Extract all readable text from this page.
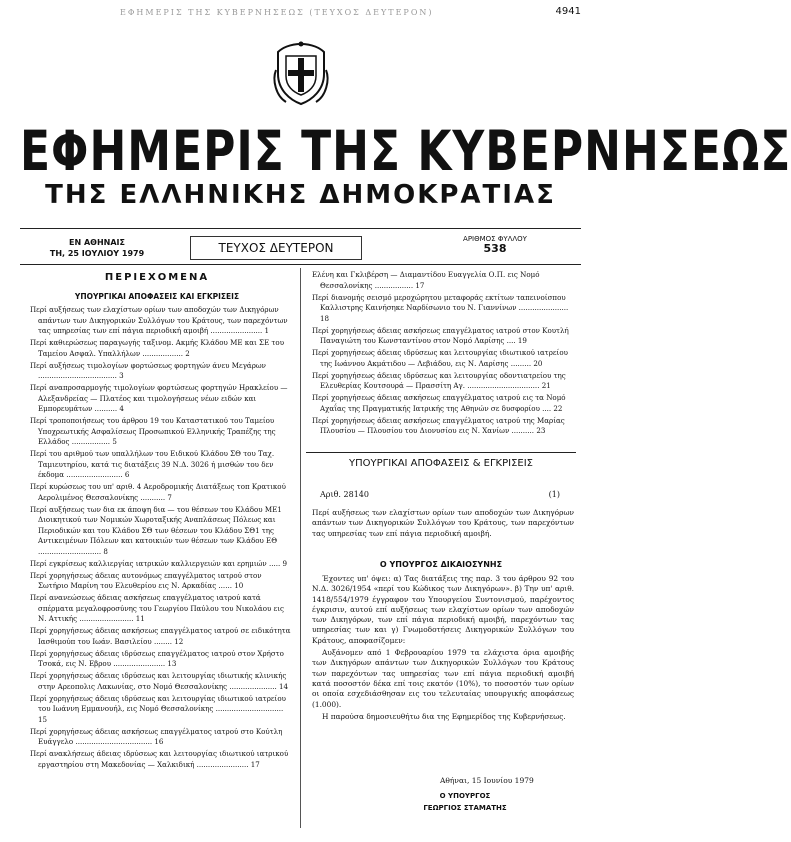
ΕΦΗΜΕΡΙΣ ΤΗΣ ΚΥΒΕΡΝΗΣΕΩΣ (ΤΕΥΧΟΣ ΔΕΥΤΕΡΟΝ)	4941
ΕΦΗΜΕΡΙΣ ΤΗΣ ΚΥΒΕΡΝΗΣΕΩΣ
ΤΗΣ ΕΛΛΗΝΙΚΗΣ ΔΗΜΟΚΡΑΤΙΑΣ
ΕΝ ΑΘΗΝΑΙΣ
ΤΗ, 25 ΙΟΥΛΙΟΥ 1979	ΤΕΥΧΟΣ ΔΕΥΤΕΡΟΝ
ΑΡΙΘΜΟΣ ΦΥΛΛΟΥ
538
ΠΕΡΙΕΧΟΜΕΝΑ
ΥΠΟΥΡΓΙΚΑΙ ΑΠΟΦΑΣΕΙΣ ΚΑΙ ΕΓΚΡΙΣΕΙΣ

Περί αυξήσεως των ελαχίστων ορίων των αποδοχών των Δικηγόρων απάντων των Δικηγορικών Συλλόγων του Κράτους, των παρεχόντων τας υπηρεσίας των επί πάγια περιοδική αμοιβή ....................... 1

Περί καθιερώσεως παραγωγής ταξινομ. Ακμής Κλάδου ΜΕ και ΣΕ του Ταμείου Ασφαλ. Υπαλλήλων .................. 2

Περί αυξήσεως τιμολογίων φορτώσεως φορτηγών άνευ Μεγάρων ................................... 3

Περί αναπροσαρμογής τιμολογίων φορτώσεως φορτηγών Ηρακλείου — Αλεξανδρείας — Πλατέος και τιμολογήσεως νέων ειδών και Εμπορευμάτων .......... 4

Περί τροποποιήσεως του άρθρου 19 του Καταστατικού του Ταμείου Υποχρεωτικής Ασφαλίσεως Προσωπικού Ελληνικής Τραπέζης της Ελλάδος ................. 5

Περί του αριθμού των υπαλλήλων του Ειδικού Κλάδου ΣΘ του Ταχ. Ταμιευτηρίου, κατά τις διατάξεις 39 Ν.Δ. 3026 ή μισθών του δεν έκδομα ......................... 6

Περί κυρώσεως του υπ' αριθ. 4 Αεροδρομικής Διατάξεως τοπ Κρατικού Αερολιμένος Θεσσαλονίκης ........... 7

Περί αυξήσεως των δια εκ άποψη δια — του θέσεων του Κλάδου ΜΕ1 Διοικητικού των Νομικών Χωροταξικής Αναπλάσεως Πόλεως και Περιοδικών και του Κλάδου ΣΘ των θέσεων του Κλάδου ΣΘ1 της Αντικειμένων Πόλεων και κατοικιών των θέσεων των Κλάδου ΕΘ ............................ 8

Περί εγκρίσεως καλλιεργίας ιατρικών καλλιεργειών και ερημιών ..... 9

Περί χορηγήσεως άδειας αυτονόμως επαγγέλματος ιατρού στον Σωτήριο Μαρίνη του Ελευθερίου εις Ν. Αρκαδίας ...... 10

Περί ανανεώσεως άδειας ασκήσεως επαγγέλματος ιατρού κατά σπέρματα μεγαλοφροσύνης του Γεωργίου Παύλου του Νικολάου εις Ν. Αττικής ........................ 11

Περί χορηγήσεως άδειας ασκήσεως επαγγέλματος ιατρού σε ειδικότητα Ιασθιμούπ του Ιωάν. Βασιλείου ........ 12

Περί χορηγήσεως άδειας ιδρύσεως επαγγέλματος ιατρού στον Χρήστο Τσοκά, εις Ν. Εβρου ....................... 13

Περί χορηγήσεως άδειας ιδρύσεως και λειτουργίας ιδιωτικής κλινικής στην Αρεοπολις Λακωνίας, στο Νομό Θεσσαλονίκης ..................... 14

Περί χορηγήσεως άδειας ιδρύσεως και λειτουργίας ιδιωτικού ιατρείου του Ιωάννη Εμμανουήλ, εις Νομό Θεσσαλονίκης .............................. 15

Περί χορηγήσεως άδειας ασκήσεως επαγγέλματος ιατρού στο Κούτλη Ευάγγελο .................................. 16

Περί ανακλήσεως άδειας ιδρύσεως και λειτουργίας ιδιωτικού ιατρικού εργαστηρίου στη Μακεδονίας — Χαλκιδική ....................... 17

Ελένη και Γκλιβέρση — Διαμαντίδου Ευαγγελία Ο.Π. εις Νομό Θεσσαλονίκης ................. 17

Περί διανομής σεισμό μεροχώρητου μεταφοράς εκτίτων ταπεινοίσπου Καλλιστρης Καινήσηκε Ναρδίσωνιο του Ν. Γιαννίνων ...................... 18

Περί χορηγήσεως άδειας ασκήσεως επαγγέλματος ιατρού στον Κουτλή Παναγιώτη του Κωνσταντίνου στον Νομό Λαρίσης .... 19

Περί χορηγήσεως άδειας ιδρύσεως και λειτουργίας ιδιωτικού ιατρείου της Ιωάννου Ακμάτιδου — Λεβιάδου, εις Ν. Λαρίσης ......... 20

Περί χορηγήσεως άδειας ιδρύσεως και λειτουργίας οδοντιατρείου της Ελευθερίας Κουτσουρά — Πρασσίτη Αγ. ................................ 21

Περί χορηγήσεως άδειας ασκήσεως επαγγέλματος ιατρού εις τα Νομό Αχαΐας της Πραγματικής Ιατρικής της Αθηνών σε δυσφορίου .... 22

Περί χορηγήσεως άδειας ασκήσεως επαγγέλματος ιατρού της Μαρίας Πλουσίου — Πλουσίου του Διονυσίου εις Ν. Χανίων .......... 23

ΥΠΟΥΡΓΙΚΑΙ ΑΠΟΦΑΣΕΙΣ & ΕΓΚΡΙΣΕΙΣ
Αριθ. 28140	(1)

Περί αυξήσεως των ελαχίστων ορίων των αποδοχών των Δικηγόρων απάντων των Δικηγορικών Συλλόγων του Κράτους, των παρεχόντων τας υπηρεσίας των επί πάγια περιοδική αμοιβή.

Ο ΥΠΟΥΡΓΟΣ ΔΙΚΑΙΟΣΥΝΗΣ

Έχοντες υπ' όψει: α) Τας διατάξεις της παρ. 3 του άρθρου 92 του Ν.Δ. 3026/1954 «περί του Κώδικος των Δικηγόρων». β) Την υπ' αριθ. 1418/554/1979 έγγραφον του Υπουργείου Συντονισμού, παρέχοντος έγκρισιν, αυτού επί αυξήσεως των ελαχίστων ορίων των αποδοχών των Δικηγόρων, των επί πάγια περιοδική αμοιβή, παρεχόντων τας υπηρεσίας των και γ) Γνωμοδοτήσεις Δικηγορικών Συλλόγων του Κράτους, αποφασίζομεν:

Αυξάνομεν από 1 Φεβρουαρίου 1979 τα ελάχιστα όρια αμοιβής των Δικηγόρων απάντων των Δικηγορικών Συλλόγων του Κράτους των παρεχόντων τας υπηρεσίας των επί πάγια περιοδική αμοιβή κατά ποσοστόν δέκα επί τοις εκατόν (10%), το ποσοστόν των ορίων οι οποία εσχεδιάσθησαν εις του τελευταίας υπουργικής αποφάσεως (1.000).

Η παρούσα δημοσιευθήτω δια της Εφημερίδος της Κυβερνήσεως.

Αθήναι, 15 Ιουνίου 1979
Ο ΥΠΟΥΡΓΟΣ
ΓΕΩΡΓΙΟΣ ΣΤΑΜΑΤΗΣ
